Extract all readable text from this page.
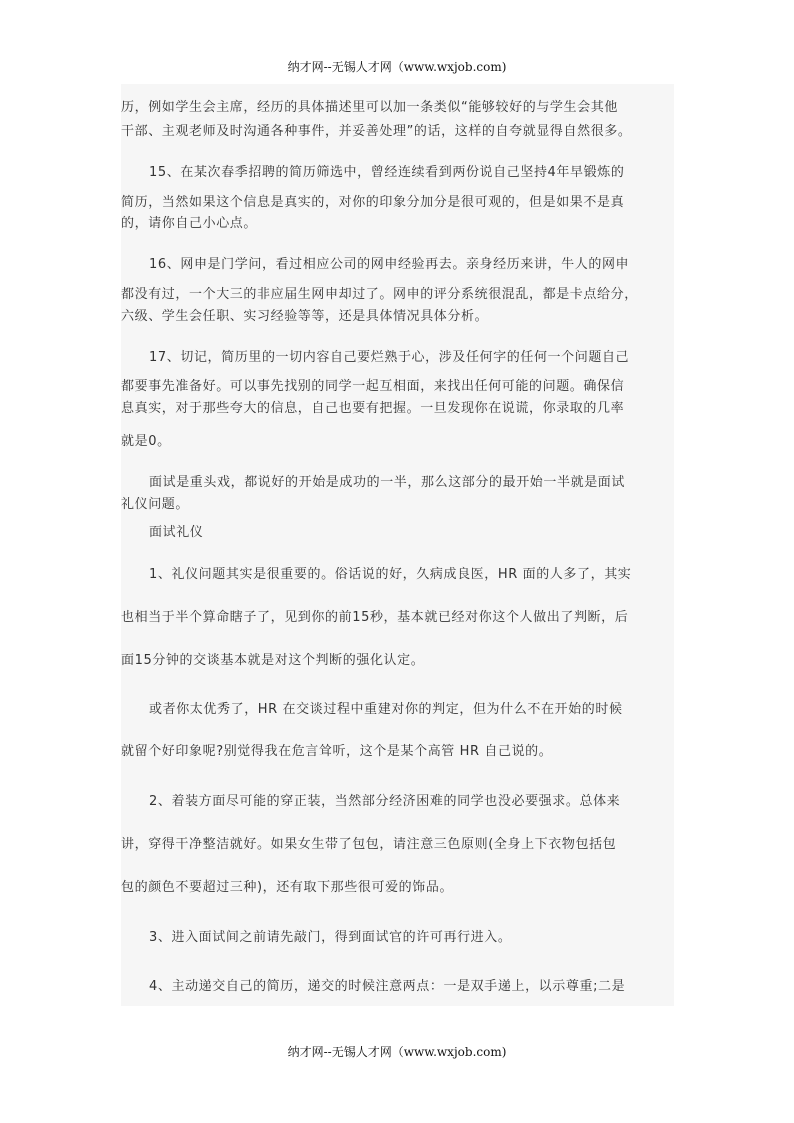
纳才网--无锡人才网（www.wxjob.com)
历，例如学生会主席，经历的具体描述里可以加一条类似“能够较好的与学生会其他
干部、主观老师及时沟通各种事件，并妥善处理”的话，这样的自夸就显得自然很多。
15、在某次春季招聘的简历筛选中，曾经连续看到两份说自己坚持4年早锻炼的
简历，当然如果这个信息是真实的，对你的印象分加分是很可观的，但是如果不是真
的，请你自己小心点。
16、网申是门学问，看过相应公司的网申经验再去。亲身经历来讲，牛人的网申
都没有过，一个大三的非应届生网申却过了。网申的评分系统很混乱，都是卡点给分，
六级、学生会任职、实习经验等等，还是具体情况具体分析。
17、切记，简历里的一切内容自己要烂熟于心，涉及任何字的任何一个问题自己
都要事先准备好。可以事先找别的同学一起互相面，来找出任何可能的问题。确保信
息真实，对于那些夸大的信息，自己也要有把握。一旦发现你在说谎，你录取的几率
就是0。
面试是重头戏，都说好的开始是成功的一半，那么这部分的最开始一半就是面试
礼仪问题。
面试礼仪
1、礼仪问题其实是很重要的。俗话说的好，久病成良医，HR 面的人多了，其实
也相当于半个算命瞎子了，见到你的前15秒，基本就已经对你这个人做出了判断，后
面15分钟的交谈基本就是对这个判断的强化认定。
或者你太优秀了，HR 在交谈过程中重建对你的判定，但为什么不在开始的时候
就留个好印象呢?别觉得我在危言耸听，这个是某个高管 HR 自己说的。
2、着装方面尽可能的穿正装，当然部分经济困难的同学也没必要强求。总体来
讲，穿得干净整洁就好。如果女生带了包包，请注意三色原则(全身上下衣物包括包
包的颜色不要超过三种)，还有取下那些很可爱的饰品。
3、进入面试间之前请先敲门，得到面试官的许可再行进入。
4、主动递交自己的简历，递交的时候注意两点：一是双手递上，以示尊重;二是
纳才网--无锡人才网（www.wxjob.com)
